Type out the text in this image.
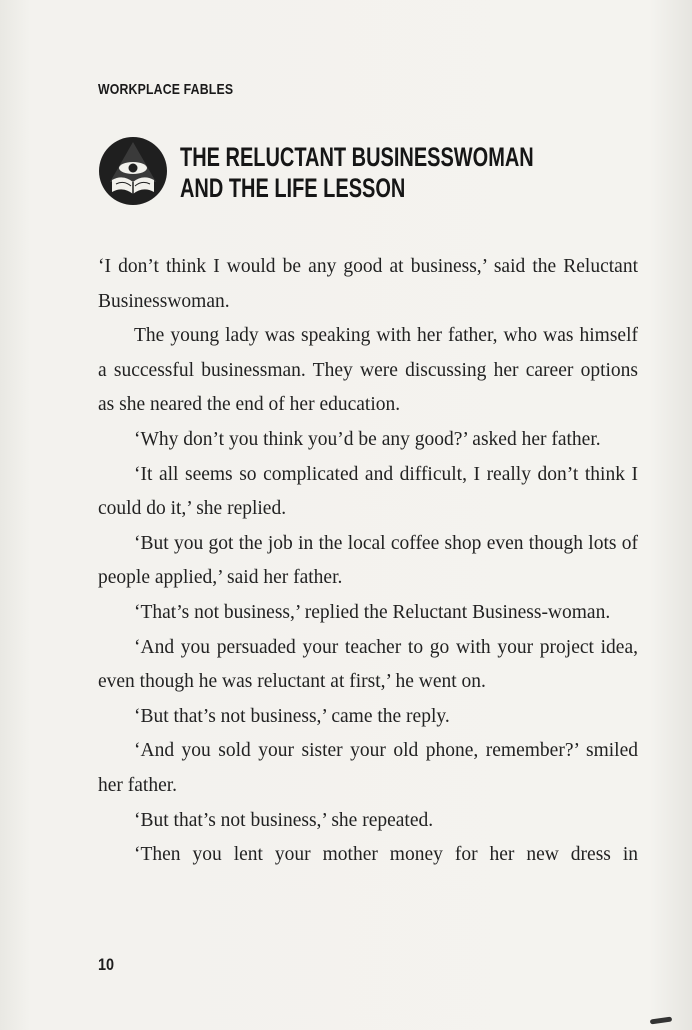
WORKPLACE FABLES
THE RELUCTANT BUSINESSWOMAN
AND THE LIFE LESSON

‘I don’t think I would be any good at business,’ said the Reluctant Businesswoman.

The young lady was speaking with her father, who was himself a successful businessman. They were discussing her career options as she neared the end of her education.

‘Why don’t you think you’d be any good?’ asked her father.

‘It all seems so complicated and difficult, I really don’t think I could do it,’ she replied.

‘But you got the job in the local coffee shop even though lots of people applied,’ said her father.

‘That’s not business,’ replied the Reluctant Business-woman.

‘And you persuaded your teacher to go with your project idea, even though he was reluctant at first,’ he went on.

‘But that’s not business,’ came the reply.

‘And you sold your sister your old phone, remember?’ smiled her father.

‘But that’s not business,’ she repeated.

‘Then you lent your mother money for her new dress in

10
